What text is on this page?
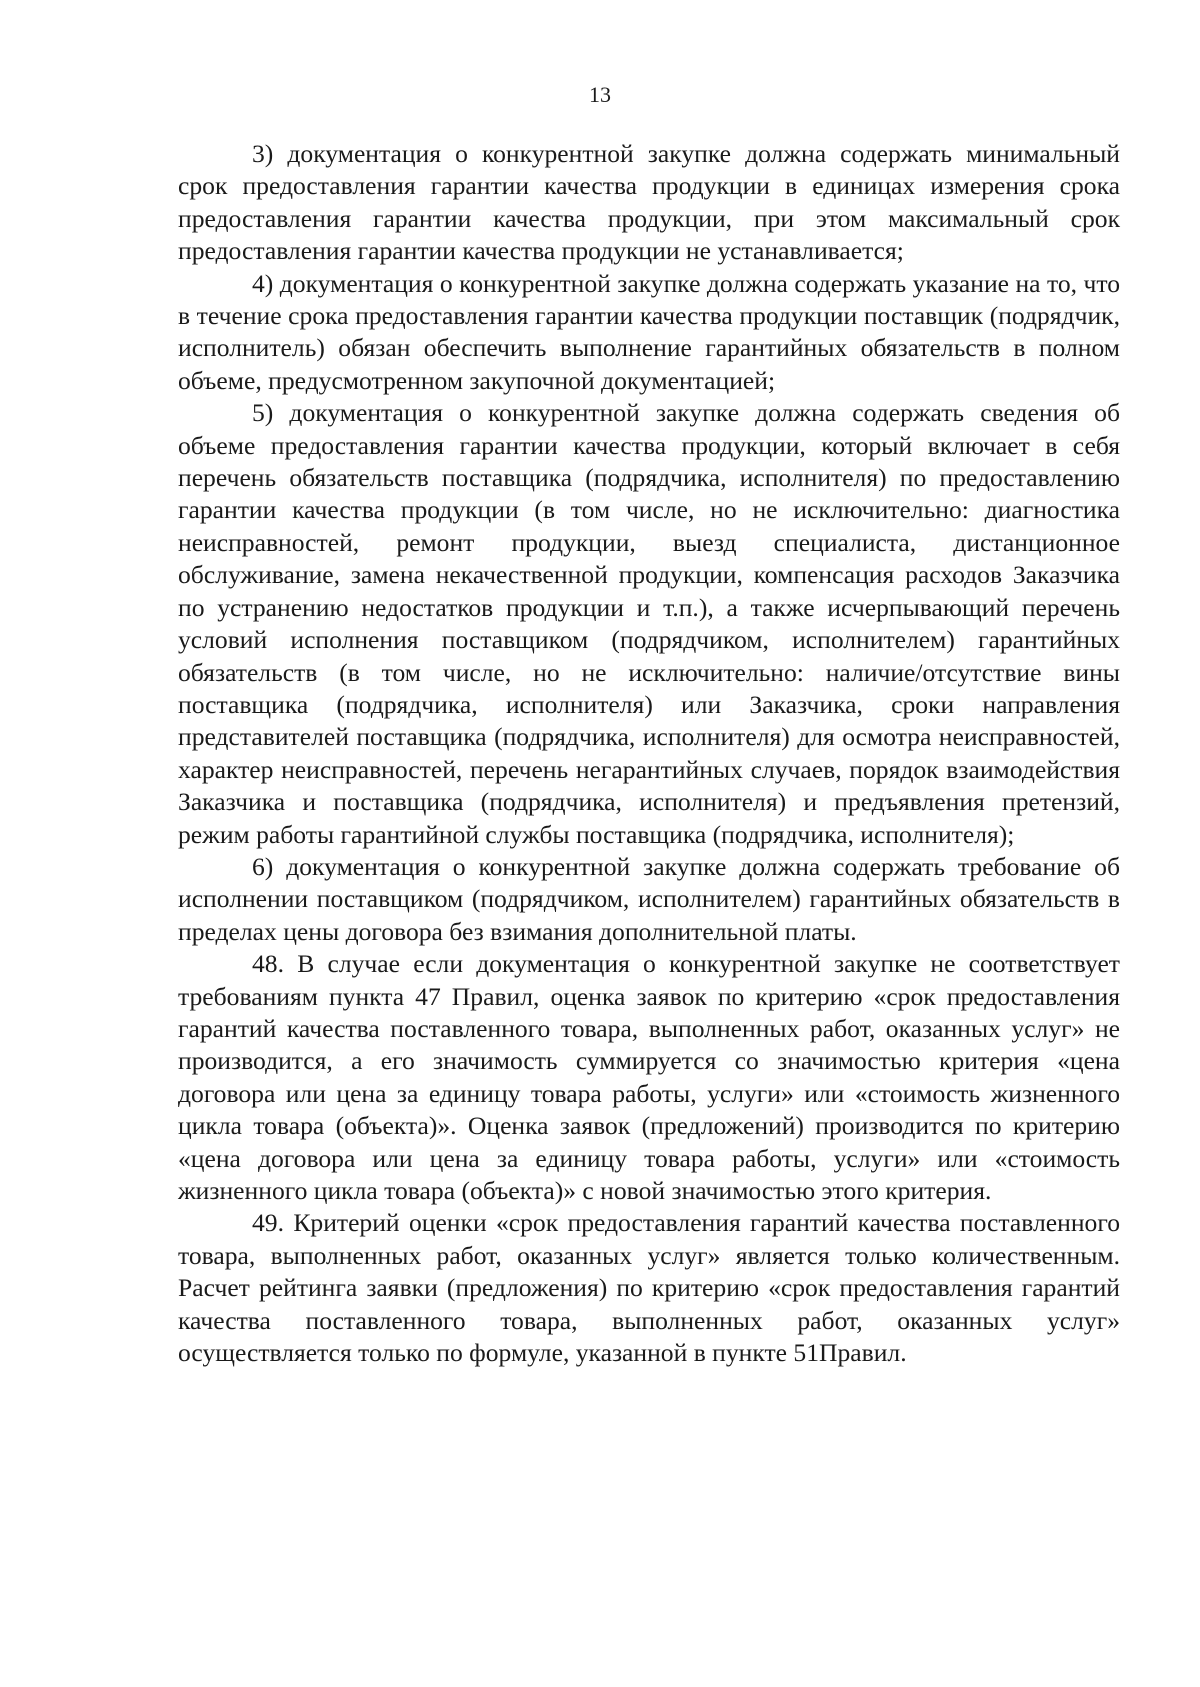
13

3) документация о конкурентной закупке должна содержать минимальный срок предоставления гарантии качества продукции в единицах измерения срока предоставления гарантии качества продукции, при этом максимальный срок предоставления гарантии качества продукции не устанавливается;

4) документация о конкурентной закупке должна содержать указание на то, что в течение срока предоставления гарантии качества продукции поставщик (подрядчик, исполнитель) обязан обеспечить выполнение гарантийных обязательств в полном объеме, предусмотренном закупочной документацией;

5) документация о конкурентной закупке должна содержать сведения об объеме предоставления гарантии качества продукции, который включает в себя перечень обязательств поставщика (подрядчика, исполнителя) по предоставлению гарантии качества продукции (в том числе, но не исключительно: диагностика неисправностей, ремонт продукции, выезд специалиста, дистанционное обслуживание, замена некачественной продукции, компенсация расходов Заказчика по устранению недостатков продукции и т.п.), а также исчерпывающий перечень условий исполнения поставщиком (подрядчиком, исполнителем) гарантийных обязательств (в том числе, но не исключительно: наличие/отсутствие вины поставщика (подрядчика, исполнителя) или Заказчика, сроки направления представителей поставщика (подрядчика, исполнителя) для осмотра неисправностей, характер неисправностей, перечень негарантийных случаев, порядок взаимодействия Заказчика и поставщика (подрядчика, исполнителя) и предъявления претензий, режим работы гарантийной службы поставщика (подрядчика, исполнителя);

6) документация о конкурентной закупке должна содержать требование об исполнении поставщиком (подрядчиком, исполнителем) гарантийных обязательств в пределах цены договора без взимания дополнительной платы.

48. В случае если документация о конкурентной закупке не соответствует требованиям пункта 47 Правил, оценка заявок по критерию «срок предоставления гарантий качества поставленного товара, выполненных работ, оказанных услуг» не производится, а его значимость суммируется со значимостью критерия «цена договора или цена за единицу товара работы, услуги» или «стоимость жизненного цикла товара (объекта)». Оценка заявок (предложений) производится по критерию «цена договора или цена за единицу товара работы, услуги» или «стоимость жизненного цикла товара (объекта)» с новой значимостью этого критерия.

49. Критерий оценки «срок предоставления гарантий качества поставленного товара, выполненных работ, оказанных услуг» является только количественным. Расчет рейтинга заявки (предложения) по критерию «срок предоставления гарантий качества поставленного товара, выполненных работ, оказанных услуг» осуществляется только по формуле, указанной в пункте 51Правил.
